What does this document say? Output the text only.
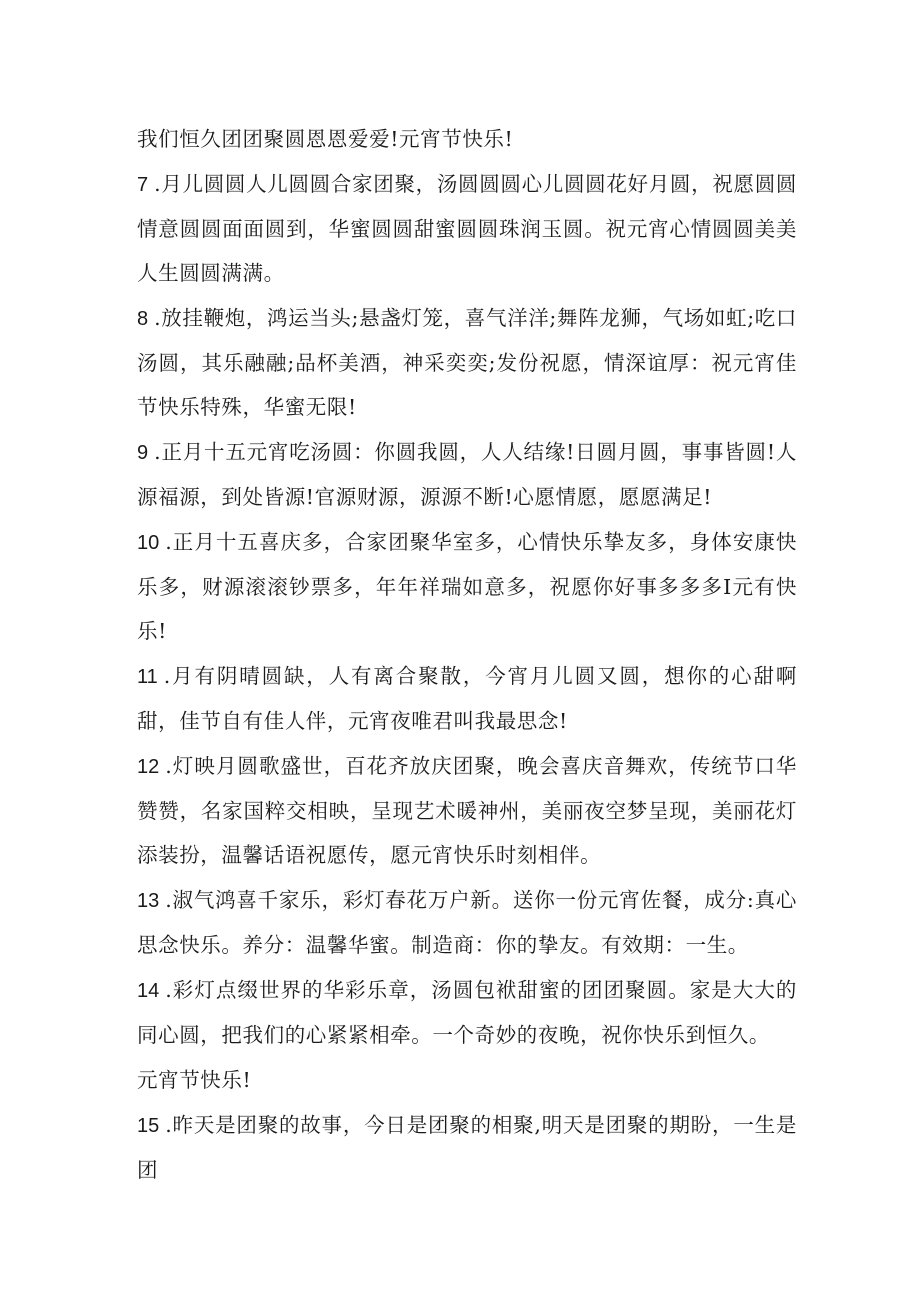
我们恒久团团聚圆恩恩爱爱!元宵节快乐!

7 .月儿圆圆人儿圆圆合家团聚，汤圆圆圆心儿圆圆花好月圆，祝愿圆圆情意圆圆面面圆到，华蜜圆圆甜蜜圆圆珠润玉圆。祝元宵心情圆圆美美人生圆圆满满。

8 .放挂鞭炮，鸿运当头;悬盏灯笼，喜气洋洋;舞阵龙狮，气场如虹;吃口汤圆，其乐融融;品杯美酒，神采奕奕;发份祝愿，情深谊厚：祝元宵佳节快乐特殊，华蜜无限!

9 .正月十五元宵吃汤圆：你圆我圆，人人结缘!日圆月圆，事事皆圆!人源福源，到处皆源!官源财源，源源不断!心愿情愿，愿愿满足!

10 .正月十五喜庆多，合家团聚华室多，心情快乐挚友多，身体安康快乐多，财源滚滚钞票多，年年祥瑞如意多，祝愿你好事多多多I元有快乐!

11 .月有阴晴圆缺，人有离合聚散，今宵月儿圆又圆，想你的心甜啊甜，佳节自有佳人伴，元宵夜唯君叫我最思念!

12 .灯映月圆歌盛世，百花齐放庆团聚，晚会喜庆音舞欢，传统节口华赞赞，名家国粹交相映，呈现艺术暖神州，美丽夜空梦呈现，美丽花灯添装扮，温馨话语祝愿传，愿元宵快乐时刻相伴。

13 .淑气鸿喜千家乐，彩灯春花万户新。送你一份元宵佐餐，成分:真心思念快乐。养分：温馨华蜜。制造商：你的挚友。有效期：一生。

14 .彩灯点缀世界的华彩乐章，汤圆包袱甜蜜的团团聚圆。家是大大的同心圆，把我们的心紧紧相牵。一个奇妙的夜晚，祝你快乐到恒久。

元宵节快乐!

15 .昨天是团聚的故事，今日是团聚的相聚,明天是团聚的期盼，一生是团
